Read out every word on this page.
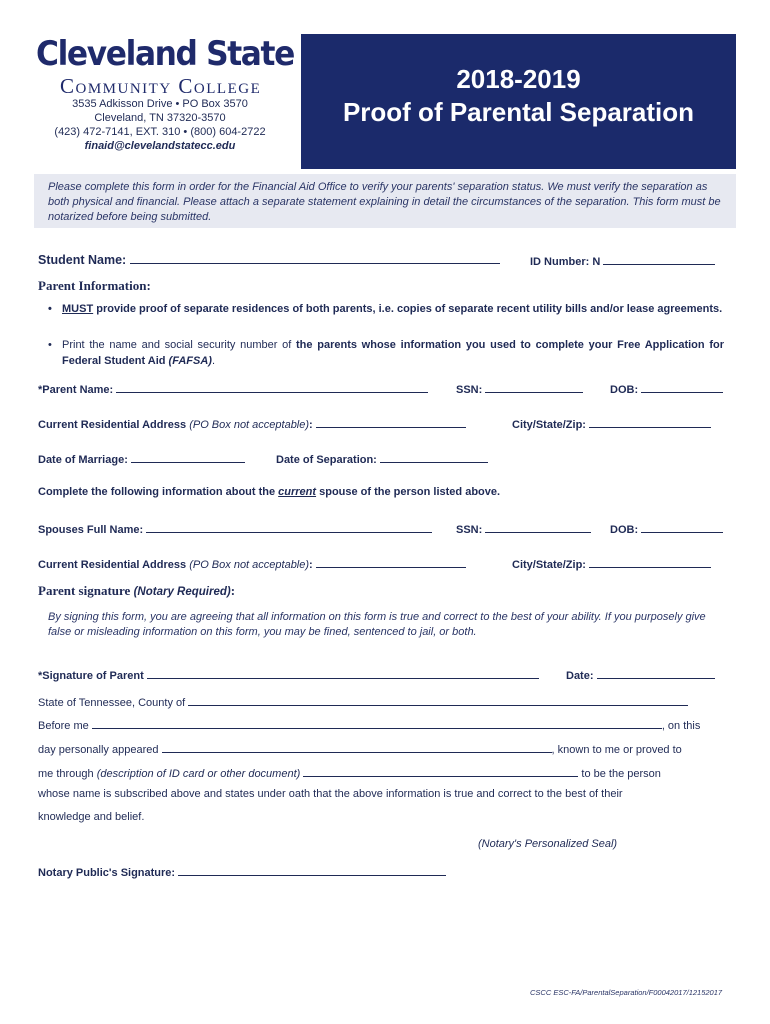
Cleveland State
Community College
3535 Adkisson Drive • PO Box 3570
Cleveland, TN 37320-3570
(423) 472-7141, EXT. 310 • (800) 604-2722
finaid@clevelandstatecc.edu
2018-2019
Proof of Parental Separation
Please complete this form in order for the Financial Aid Office to verify your parents' separation status. We must verify the separation as both physical and financial. Please attach a separate statement explaining in detail the circumstances of the separation. This form must be notarized before being submitted.
Student Name:	ID Number: N
Parent Information:
• MUST provide proof of separate residences of both parents, i.e. copies of separate recent utility bills and/or lease agreements.
• Print the name and social security number of the parents whose information you used to complete your Free Application for Federal Student Aid (FAFSA).
*Parent Name:	SSN:	DOB:
Current Residential Address (PO Box not acceptable):	City/State/Zip:
Date of Marriage:	Date of Separation:
Complete the following information about the current spouse of the person listed above.
Spouses Full Name:	SSN:	DOB:
Current Residential Address (PO Box not acceptable):	City/State/Zip:
Parent signature (Notary Required):
By signing this form, you are agreeing that all information on this form is true and correct to the best of your ability. If you purposely give false or misleading information on this form, you may be fined, sentenced to jail, or both.
*Signature of Parent	Date:
State of Tennessee, County of
Before me	, on this
day personally appeared	, known to me or proved to
me through (description of ID card or other document)	to be the person
whose name is subscribed above and states under oath that the above information is true and correct to the best of their
knowledge and belief.
(Notary's Personalized Seal)
Notary Public's Signature:
CSCC ESC-FA/ParentalSeparation/F00042017/12152017
